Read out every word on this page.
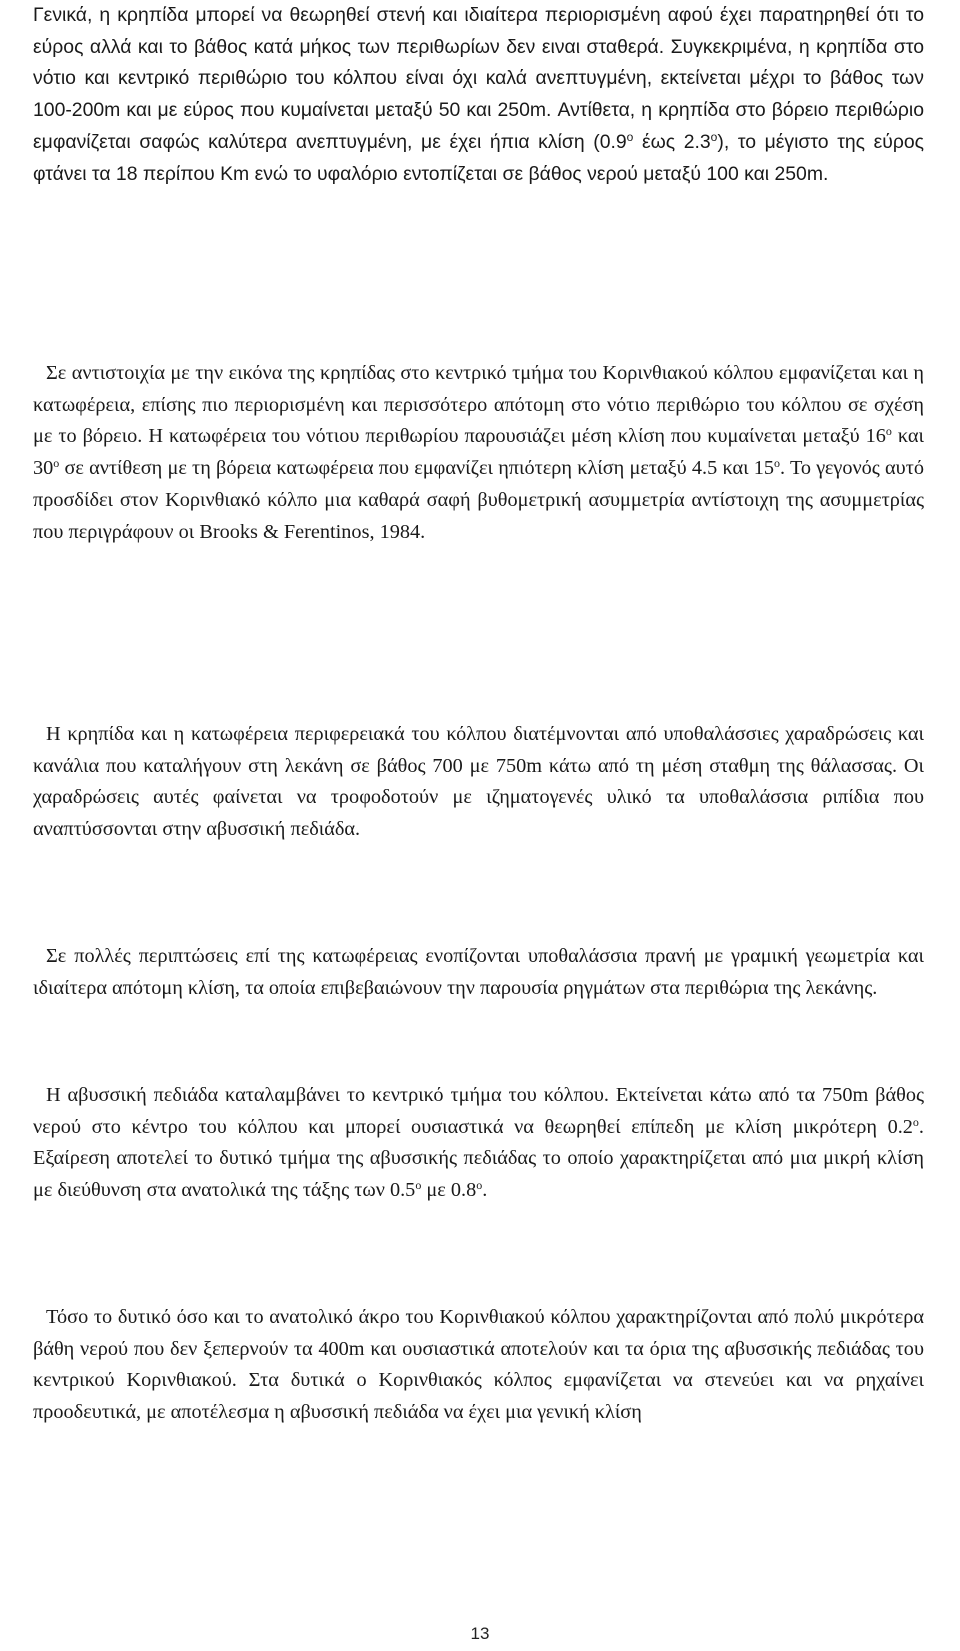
Γενικά, η κρηπίδα μπορεί να θεωρηθεί στενή και ιδιαίτερα περιορισμένη αφού έχει παρατηρηθεί ότι το εύρος αλλά και το βάθος κατά μήκος των περιθωρίων δεν ειναι σταθερά. Συγκεκριμένα, η κρηπίδα στο νότιο και κεντρικό περιθώριο του κόλπου είναι όχι καλά ανεπτυγμένη, εκτείνεται μέχρι το βάθος των 100-200m και με εύρος που κυμαίνεται μεταξύ 50 και 250m. Αντίθετα, η κρηπίδα στο βόρειο περιθώριο εμφανίζεται σαφώς καλύτερα ανεπτυγμένη, με έχει ήπια κλίση ($0.9^o$ έως $2.3^o$), το μέγιστο της εύρος φτάνει τα 18 περίπου Km ενώ το υφαλόριο εντοπίζεται σε βάθος νερού μεταξύ 100 και 250m.

Σε αντιστοιχία με την εικόνα της κρηπίδας στο κεντρικό τμήμα του Κορινθιακού κόλπου εμφανίζεται και η κατωφέρεια, επίσης πιο περιορισμένη και περισσότερο απότομη στο νότιο περιθώριο του κόλπου σε σχέση με το βόρειο. Η κατωφέρεια του νότιου περιθωρίου παρουσιάζει μέση κλίση που κυμαίνεται μεταξύ $16^o$ και $30^o$ σε αντίθεση με τη βόρεια κατωφέρεια που εμφανίζει ηπιότερη κλίση μεταξύ 4.5 και $15^o$. Το γεγονός αυτό προσδίδει στον Κορινθιακό κόλπο μια καθαρά σαφή βυθομετρική ασυμμετρία αντίστοιχη της ασυμμετρίας που περιγράφουν οι Brooks & Ferentinos, 1984.

Η κρηπίδα και η κατωφέρεια περιφερειακά του κόλπου διατέμνονται από υποθαλάσσιες χαραδρώσεις και κανάλια που καταλήγουν στη λεκάνη σε βάθος 700 με 750m κάτω από τη μέση σταθμη της θάλασσας. Οι χαραδρώσεις αυτές φαίνεται να τροφοδοτούν με ιζηματογενές υλικό τα υποθαλάσσια ριπίδια που αναπτύσσονται στην αβυσσική πεδιάδα.

Σε πολλές περιπτώσεις επί της κατωφέρειας ενοπίζονται υποθαλάσσια πρανή με γραμική γεωμετρία και ιδιαίτερα απότομη κλίση, τα οποία επιβεβαιώνουν την παρουσία ρηγμάτων στα περιθώρια της λεκάνης.

Η αβυσσική πεδιάδα καταλαμβάνει το κεντρικό τμήμα του κόλπου. Εκτείνεται κάτω από τα 750m βάθος νερού στο κέντρο του κόλπου και μπορεί ουσιαστικά να θεωρηθεί επίπεδη με κλίση μικρότερη $0.2^o$. Εξαίρεση αποτελεί το δυτικό τμήμα της αβυσσικής πεδιάδας το οποίο χαρακτηρίζεται από μια μικρή κλίση με διεύθυνση στα ανατολικά της τάξης των $0.5^o$ με $0.8^o$.

Τόσο το δυτικό όσο και το ανατολικό άκρο του Κορινθιακού κόλπου χαρακτηρίζονται από πολύ μικρότερα βάθη νερού που δεν ξεπερνούν τα 400m και ουσιαστικά αποτελούν και τα όρια της αβυσσικής πεδιάδας του κεντρικού Κορινθιακού. Στα δυτικά ο Κορινθιακός κόλπος εμφανίζεται να στενεύει και να ρηχαίνει προοδευτικά, με αποτέλεσμα η αβυσσική πεδιάδα να έχει μια γενική κλίση

13
